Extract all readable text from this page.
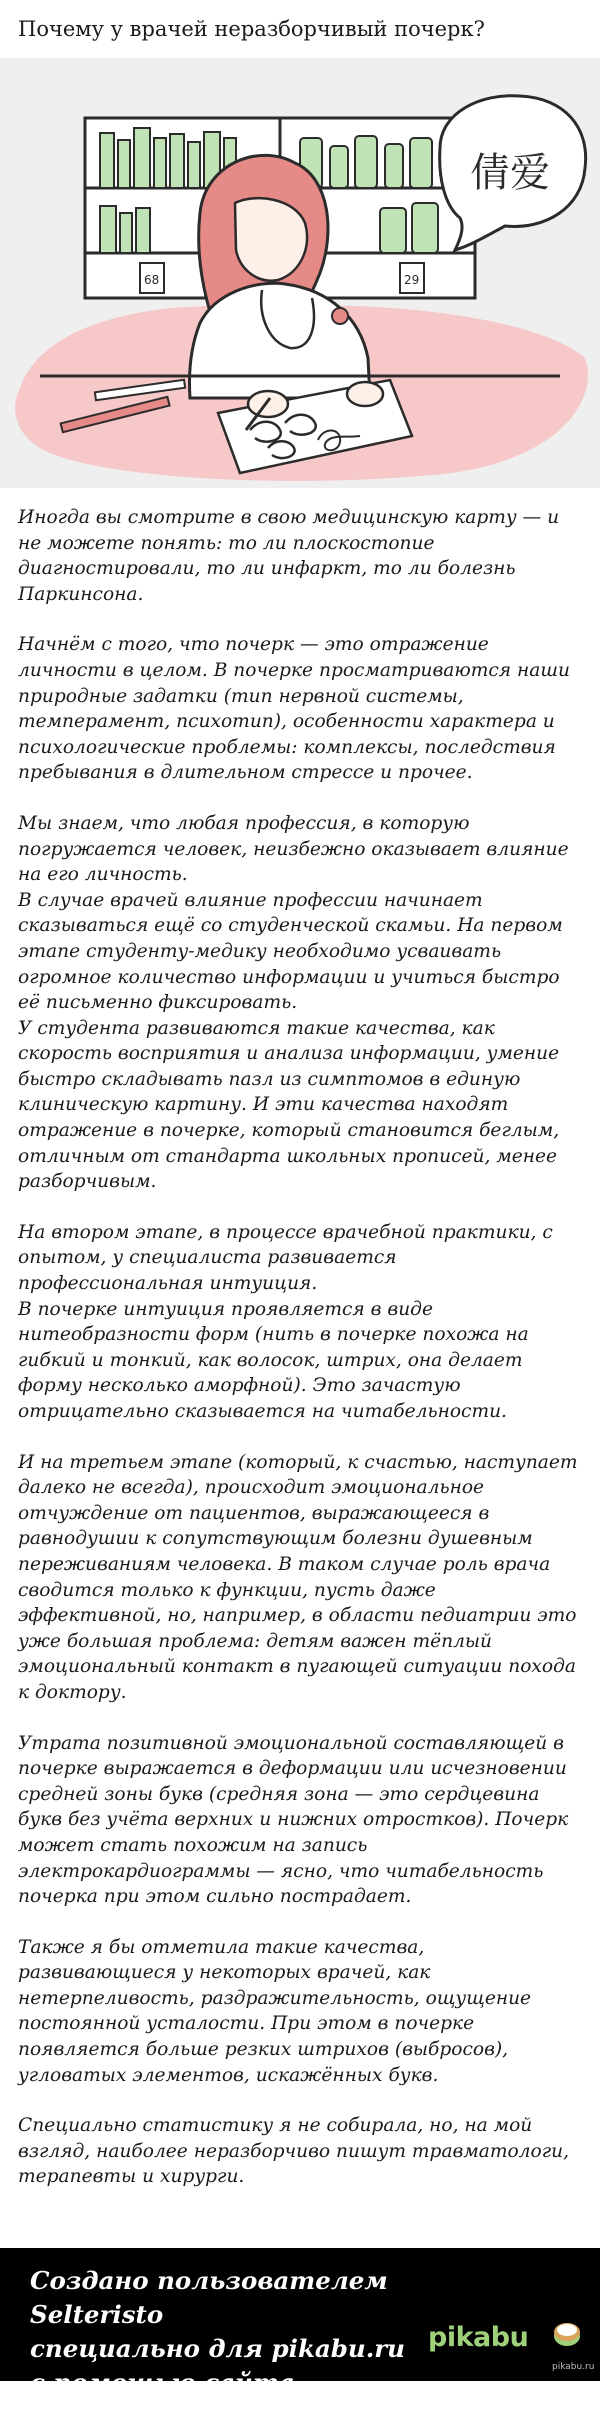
Почему у врачей неразборчивый почерк?
68	29
倩爱

Иногда вы смотрите в свою медицинскую карту — и не можете понять: то ли плоскостопие диагностировали, то ли инфаркт, то ли болезнь Паркинсона.

Начнём с того, что почерк — это отражение личности в целом. В почерке просматриваются наши природные задатки (тип нервной системы, темперамент, психотип), особенности характера и психологические проблемы: комплексы, последствия пребывания в длительном стрессе и прочее.

Мы знаем, что любая профессия, в которую погружается человек, неизбежно оказывает влияние на его личность.

В случае врачей влияние профессии начинает сказываться ещё со студенческой скамьи. На первом этапе студенту-медику необходимо усваивать огромное количество информации и учиться быстро её письменно фиксировать.

У студента развиваются такие качества, как скорость восприятия и анализа информации, умение быстро складывать пазл из симптомов в единую клиническую картину. И эти качества находят отражение в почерке, который становится беглым, отличным от стандарта школьных прописей, менее разборчивым.

На втором этапе, в процессе врачебной практики, с опытом, у специалиста развивается профессиональная интуиция.

В почерке интуиция проявляется в виде нитеобразности форм (нить в почерке похожа на гибкий и тонкий, как волосок, штрих, она делает форму несколько аморфной). Это зачастую отрицательно сказывается на читабельности.

И на третьем этапе (который, к счастью, наступает далеко не всегда), происходит эмоциональное отчуждение от пациентов, выражающееся в равнодушии к сопутствующим болезни душевным переживаниям человека. В таком случае роль врача сводится только к функции, пусть даже эффективной, но, например, в области педиатрии это уже большая проблема: детям важен тёплый эмоциональный контакт в пугающей ситуации похода к доктору.

Утрата позитивной эмоциональной составляющей в почерке выражается в деформации или исчезновении средней зоны букв (средняя зона — это сердцевина букв без учёта верхних и нижних отростков). Почерк может стать похожим на запись электрокардиограммы — ясно, что читабельность почерка при этом сильно пострадает.

Также я бы отметила такие качества, развивающиеся у некоторых врачей, как нетерпеливость, раздражительность, ощущение постоянной усталости. При этом в почерке появляется больше резких штрихов (выбросов), угловатых элементов, искажённых букв.

Специально статистику я не собирала, но, на мой взгляд, наиболее неразборчиво пишут травматологи, терапевты и хирурги.

Создано пользователем Selteristo
специально для pikabu.ru
с помощью сайта dlinnopost.ru
pikabu
pikabu.ru
